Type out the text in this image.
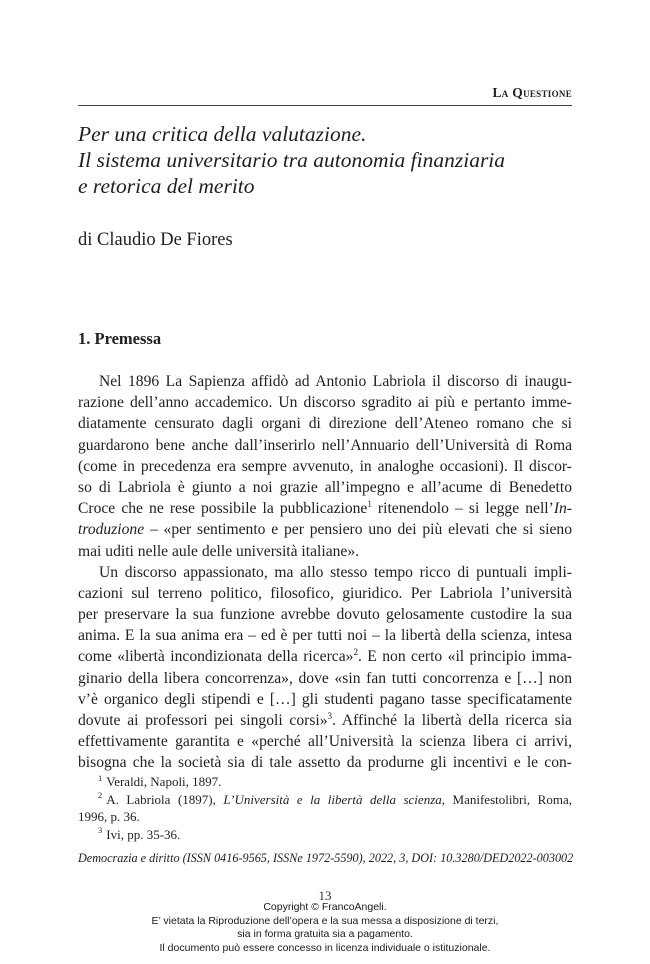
La Questione
Per una critica della valutazione.
Il sistema universitario tra autonomia finanziaria
e retorica del merito
di Claudio De Fiores
1. Premessa
Nel 1896 La Sapienza affidò ad Antonio Labriola il discorso di inaugu-
razione dell’anno accademico. Un discorso sgradito ai più e pertanto imme-
diatamente censurato dagli organi di direzione dell’Ateneo romano che si
guardarono bene anche dall’inserirlo nell’Annuario dell’Università di Roma
(come in precedenza era sempre avvenuto, in analoghe occasioni). Il discor-
so di Labriola è giunto a noi grazie all’impegno e all’acume di Benedetto
Croce che ne rese possibile la pubblicazione$^1$ ritenendolo – si legge nell’In-
troduzione – «per sentimento e per pensiero uno dei più elevati che si sieno
mai uditi nelle aule delle università italiane».
Un discorso appassionato, ma allo stesso tempo ricco di puntuali impli-
cazioni sul terreno politico, filosofico, giuridico. Per Labriola l’università
per preservare la sua funzione avrebbe dovuto gelosamente custodire la sua
anima. E la sua anima era – ed è per tutti noi – la libertà della scienza, intesa
come «libertà incondizionata della ricerca»$^2$. E non certo «il principio imma-
ginario della libera concorrenza», dove «sin fan tutti concorrenza e […] non
v’è organico degli stipendi e […] gli studenti pagano tasse specificatamente
dovute ai professori pei singoli corsi»$^3$. Affinché la libertà della ricerca sia
effettivamente garantita e «perché all’Università la scienza libera ci arrivi,
bisogna che la società sia di tale assetto da produrne gli incentivi e le con-
$^1$ Veraldi, Napoli, 1897.
$^2$ A. Labriola (1897), L’Università e la libertà della scienza, Manifestolibri, Roma,
1996, p. 36.
$^3$ Ivi, pp. 35-36.
Democrazia e diritto (ISSN 0416-9565, ISSNe 1972-5590), 2022, 3, DOI: 10.3280/DED2022-003002
13
Copyright © FrancoAngeli.
E’ vietata la Riproduzione dell’opera e la sua messa a disposizione di terzi,
sia in forma gratuita sia a pagamento.
Il documento può essere concesso in licenza individuale o istituzionale.
